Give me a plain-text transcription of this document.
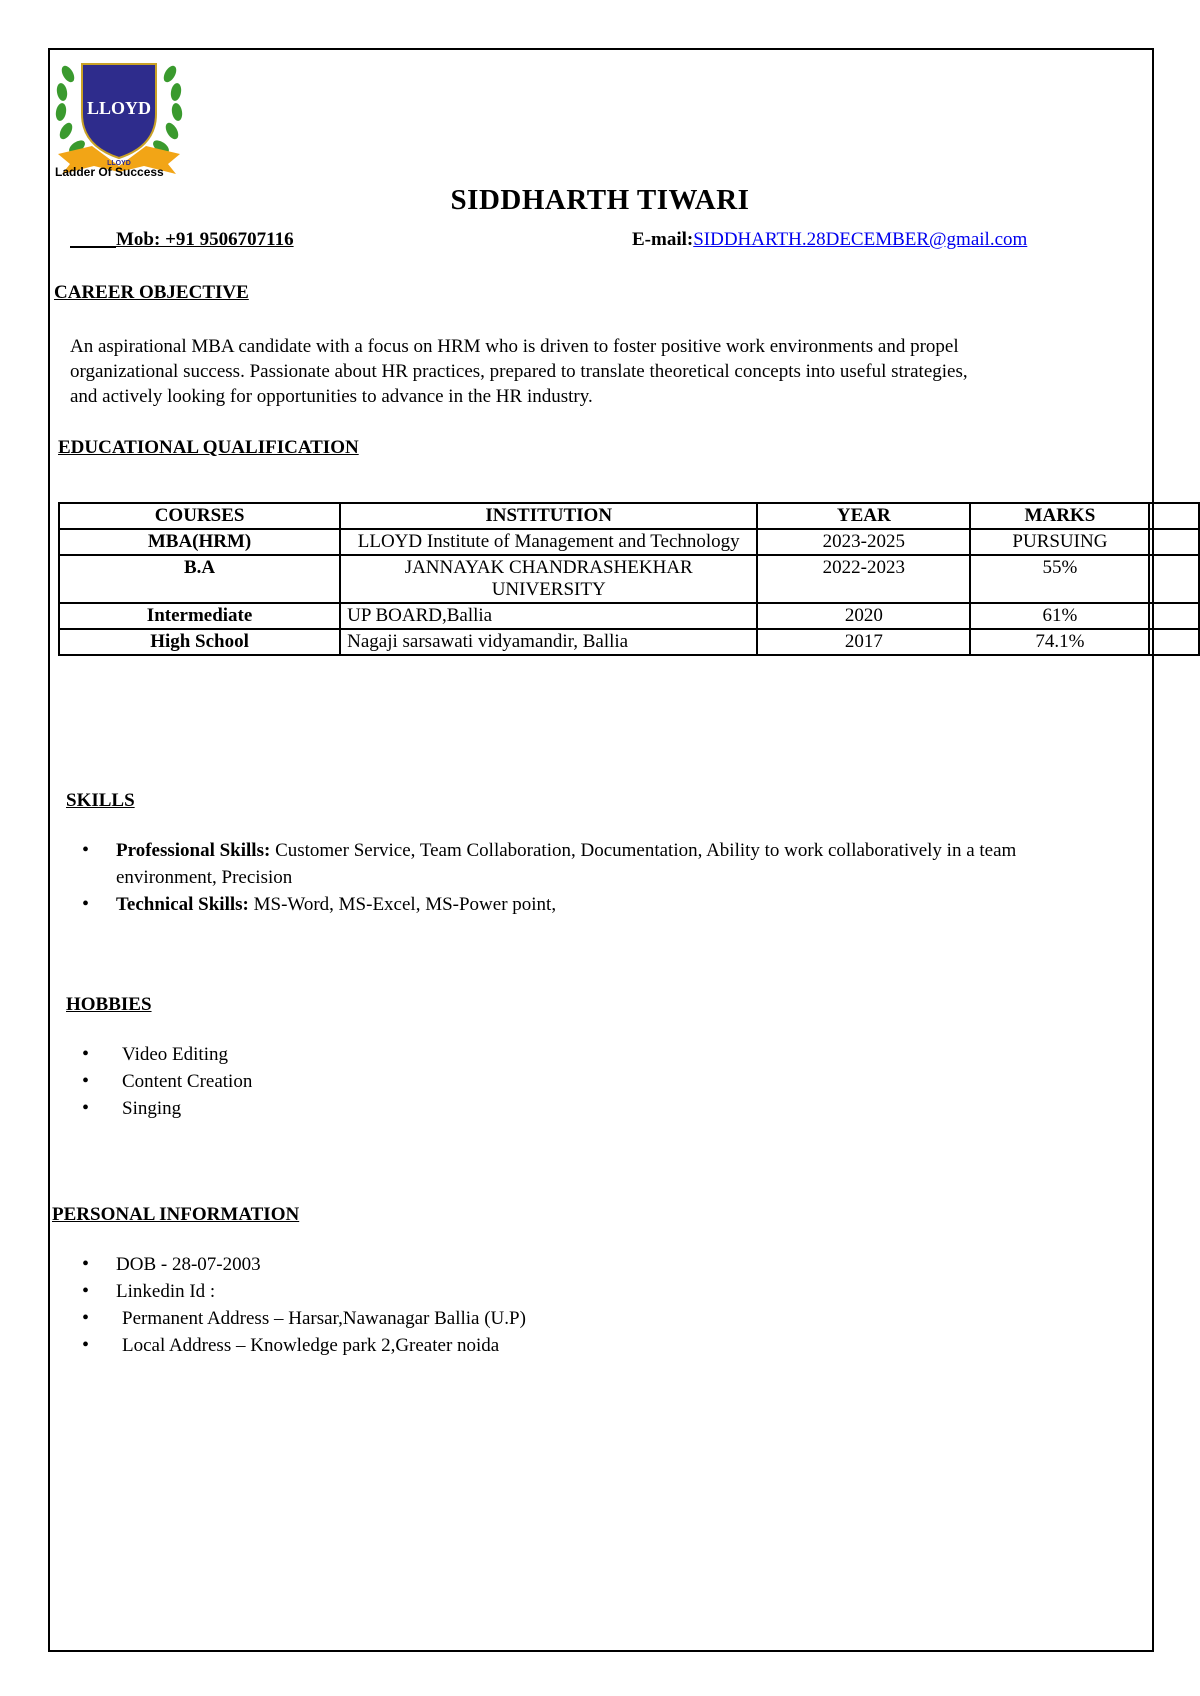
LLOYD
LLOYD
Ladder Of Success
SIDDHARTH TIWARI
Mob: +91 9506707116	E-mail:SIDDHARTH.28DECEMBER@gmail.com
CAREER OBJECTIVE
An aspirational MBA candidate with a focus on HRM who is driven to foster positive work environments and propel
organizational success. Passionate about HR practices, prepared to translate theoretical concepts into useful strategies,
and actively looking for opportunities to advance in the HR industry.
EDUCATIONAL QUALIFICATION
COURSES	INSTITUTION	YEAR	MARKS	
MBA(HRM)	LLOYD Institute of Management and Technology	2023-2025	PURSUING	
B.A	JANNAYAK CHANDRASHEKHAR UNIVERSITY	2022-2023	55%	
Intermediate	UP BOARD,Ballia	2020	61%	
High School	Nagaji sarsawati vidyamandir, Ballia	2017	74.1%	
SKILLS
• Professional Skills: Customer Service, Team Collaboration, Documentation, Ability to work collaboratively in a team environment, Precision
• Technical Skills: MS-Word, MS-Excel, MS-Power point,
HOBBIES
• Video Editing
• Content Creation
• Singing
PERSONAL INFORMATION
• DOB - 28-07-2003
• Linkedin Id :
• Permanent Address – Harsar,Nawanagar Ballia (U.P)
• Local Address – Knowledge park 2,Greater noida
